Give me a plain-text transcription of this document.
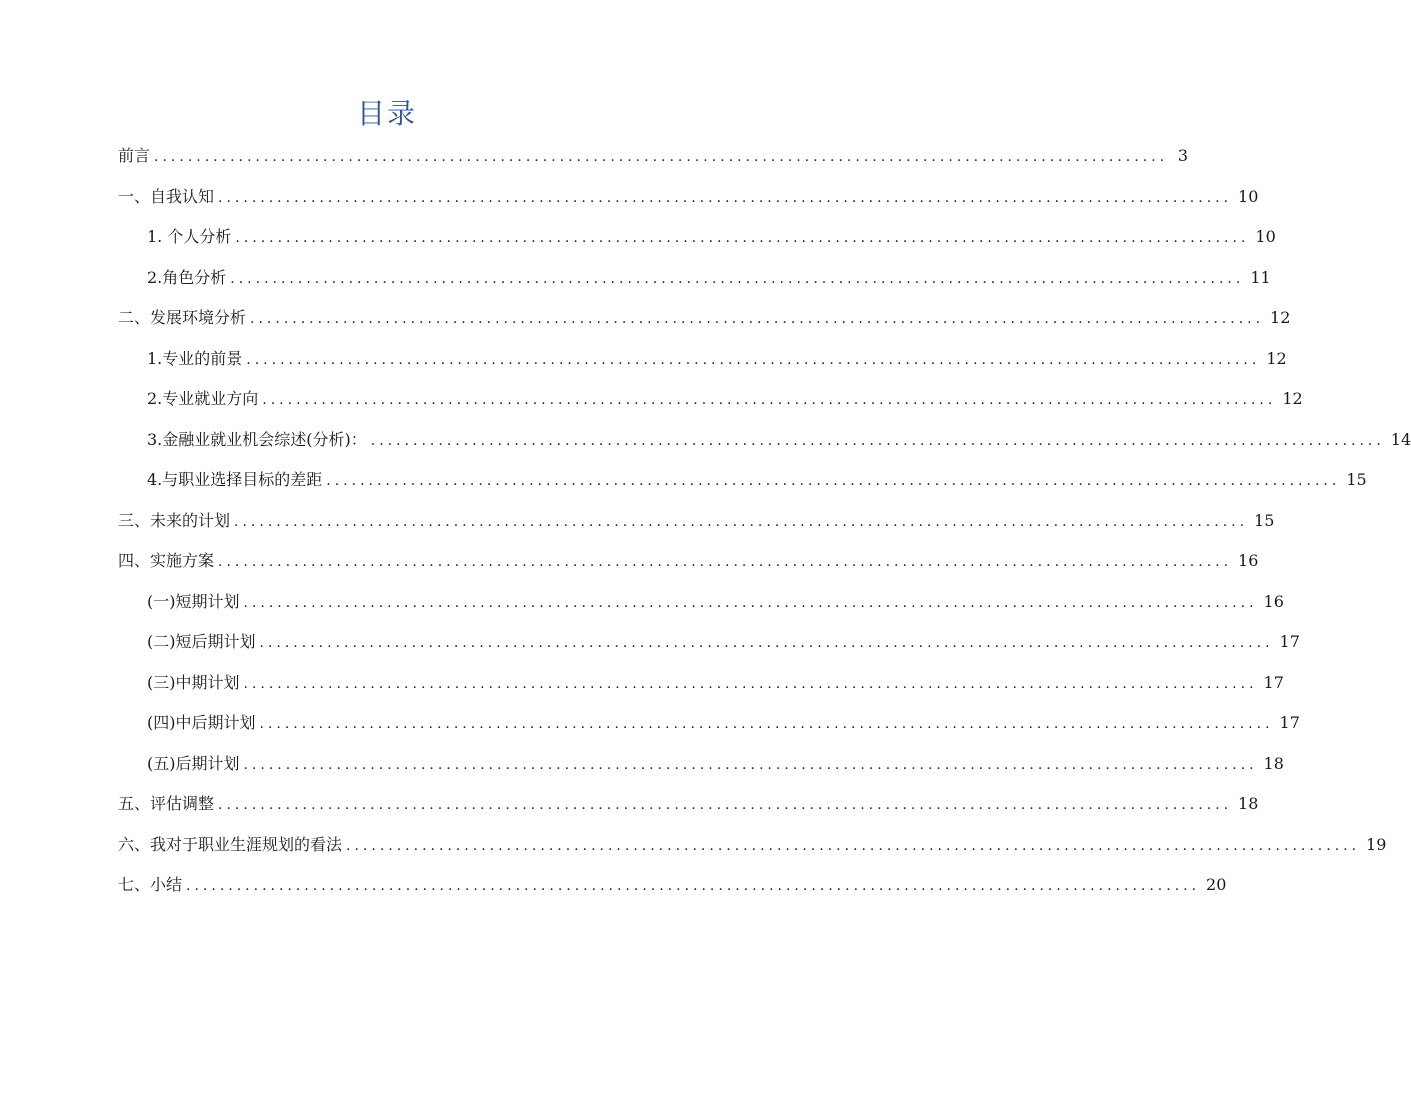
目录
前言 ........................................................................................................................ 3
一、自我认知 ........................................................................................................................ 10
1. 个人分析 ........................................................................................................................ 10
2.角色分析 ........................................................................................................................ 11
二、发展环境分析 ........................................................................................................................ 12
1.专业的前景 ........................................................................................................................ 12
2.专业就业方向 ........................................................................................................................ 12
3.金融业就业机会综述(分析)： ........................................................................................................................ 14
4.与职业选择目标的差距 ........................................................................................................................ 15
三、未来的计划 ........................................................................................................................ 15
四、实施方案 ........................................................................................................................ 16
(一)短期计划 ........................................................................................................................ 16
(二)短后期计划 ........................................................................................................................ 17
(三)中期计划 ........................................................................................................................ 17
(四)中后期计划 ........................................................................................................................ 17
(五)后期计划 ........................................................................................................................ 18
五、评估调整 ........................................................................................................................ 18
六、我对于职业生涯规划的看法 ........................................................................................................................ 19
七、小结 ........................................................................................................................ 20
